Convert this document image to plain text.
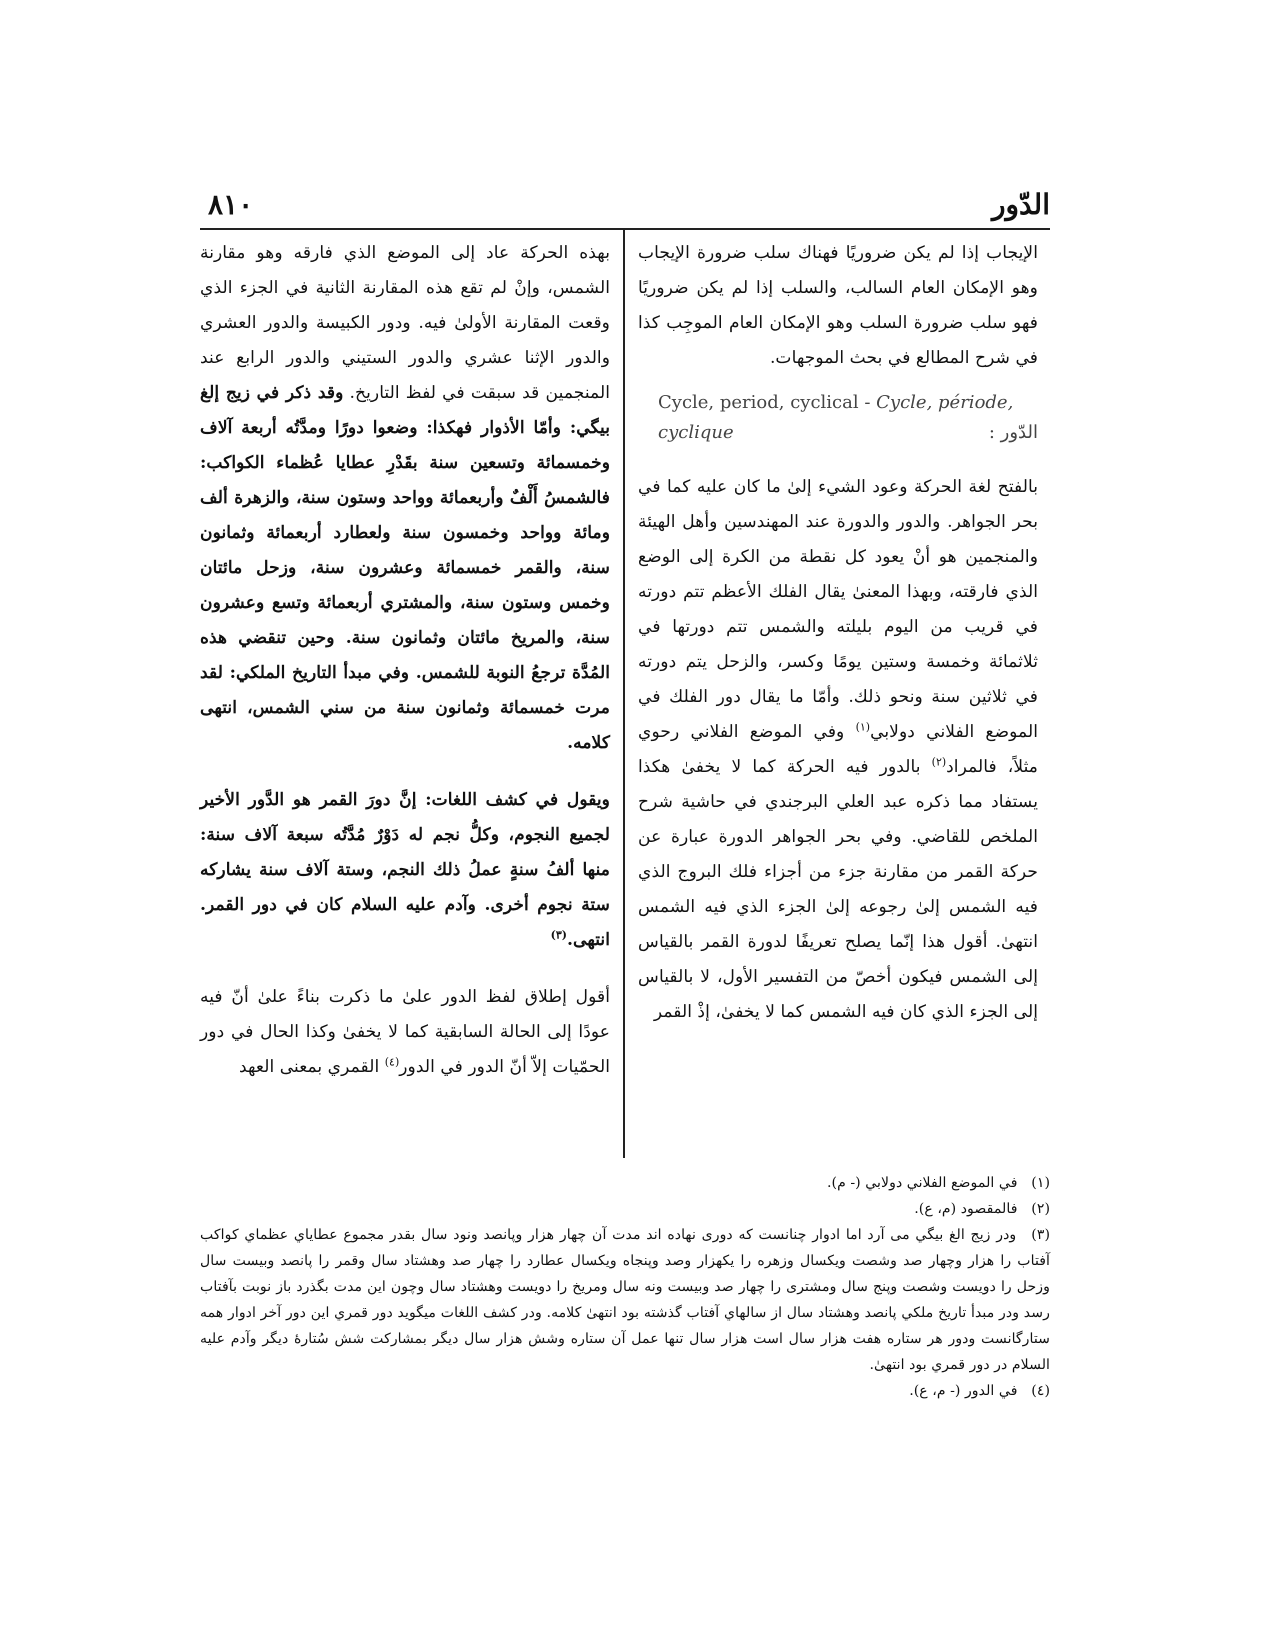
الدّور
٨١٠

الإيجاب إذا لم يكن ضروريًا فهناك سلب ضرورة الإيجاب وهو الإمكان العام السالب، والسلب إذا لم يكن ضروريًا فهو سلب ضرورة السلب وهو الإمكان العام الموجِب كذا في شرح المطالع في بحث الموجهات.

Cycle, period, cyclical - Cycle, période, cyclique	الدّور :

بالفتح لغة الحركة وعود الشيء إلىٰ ما كان عليه كما في بحر الجواهر. والدور والدورة عند المهندسين وأهل الهيئة والمنجمين هو أنْ يعود كل نقطة من الكرة إلى الوضع الذي فارقته، وبهذا المعنىٰ يقال الفلك الأعظم تتم دورته في قريب من اليوم بليلته والشمس تتم دورتها في ثلاثمائة وخمسة وستين يومًا وكسر، والزحل يتم دورته في ثلاثين سنة ونحو ذلك. وأمّا ما يقال دور الفلك في الموضع الفلاني دولابي$^{(١)}$ وفي الموضع الفلاني رحوي مثلاً، فالمراد$^{(٢)}$ بالدور فيه الحركة كما لا يخفىٰ هكذا يستفاد مما ذكره عبد العلي البرجندي في حاشية شرح الملخص للقاضي. وفي بحر الجواهر الدورة عبارة عن حركة القمر من مقارنة جزء من أجزاء فلك البروج الذي فيه الشمس إلىٰ رجوعه إلىٰ الجزء الذي فيه الشمس انتهىٰ. أقول هذا إنّما يصلح تعريفًا لدورة القمر بالقياس إلى الشمس فيكون أخصّ من التفسير الأول، لا بالقياس إلى الجزء الذي كان فيه الشمس كما لا يخفىٰ، إذْ القمر

بهذه الحركة عاد إلى الموضع الذي فارقه وهو مقارنة الشمس، وإنْ لم تقع هذه المقارنة الثانية في الجزء الذي وقعت المقارنة الأولىٰ فيه. ودور الكبيسة والدور العشري والدور الإثنا عشري والدور الستيني والدور الرابع عند المنجمين قد سبقت في لفظ التاريخ. وقد ذكر في زيج إلغ بيگي: وأمّا الأذوار فهكذا: وضعوا دورًا ومدَّتُه أربعة آلاف وخمسمائة وتسعين سنة بقَدْرِ عطايا عُظماء الكواكب: فالشمسُ أَلْفٌ وأربعمائة وواحد وستون سنة، والزهرة ألف ومائة وواحد وخمسون سنة ولعطارد أربعمائة وثمانون سنة، والقمر خمسمائة وعشرون سنة، وزحل مائتان وخمس وستون سنة، والمشتري أربعمائة وتسع وعشرون سنة، والمريخ مائتان وثمانون سنة. وحين تنقضي هذه المُدَّة ترجعُ النوبة للشمس. وفي مبدأ التاريخ الملكي: لقد مرت خمسمائة وثمانون سنة من سني الشمس، انتهى كلامه.

ويقول في كشف اللغات: إنَّ دورَ القمر هو الدَّور الأخير لجميع النجوم، وكلُّ نجم له دَوْرٌ مُدَّتُه سبعة آلاف سنة: منها ألفُ سنةٍ عملُ ذلك النجم، وستة آلاف سنة يشاركه ستة نجوم أخرى. وآدم عليه السلام كان في دور القمر. انتهى.$^{(٣)}$

أقول إطلاق لفظ الدور علىٰ ما ذكرت بناءً علىٰ أنّ فيه عودًا إلى الحالة السابقية كما لا يخفىٰ وكذا الحال في دور الحمّيات إلاّ أنّ الدور في الدور$^{(٤)}$ القمري بمعنى العهد

(١) في الموضع الفلاني دولابي (- م).

(٢) فالمقصود (م، ع).

(٣) ودر زيج الغ بيگي مى آرد اما ادوار چنانست كه دورى نهاده اند مدت آن چهار هزار وپانصد ونود سال بقدر مجموع عطاياي عظماي كواكب آفتاب را هزار وچهار صد وشصت ويكسال وزهره را يكهزار وصد وپنجاه ويكسال عطارد را چهار صد وهشتاد سال وقمر را پانصد وبيست سال وزحل را دويست وشصت وپنج سال ومشترى را چهار صد وبيست ونه سال ومريخ را دويست وهشتاد سال وچون اين مدت بگذرد باز نوبت بآفتاب رسد ودر مبدأ تاريخ ملكي پانصد وهشتاد سال از سالهاي آفتاب گذشته بود انتهىٰ كلامه. ودر كشف اللغات ميگويد دور قمري اين دور آخر ادوار همه ستارگانست ودور هر ستاره هفت هزار سال است هزار سال تنها عمل آن ستاره وشش هزار سال ديگر بمشاركت شش سُتارۀ ديگر وآدم عليه السلام در دور قمري بود انتهىٰ.

(٤) في الدور (- م، ع).
